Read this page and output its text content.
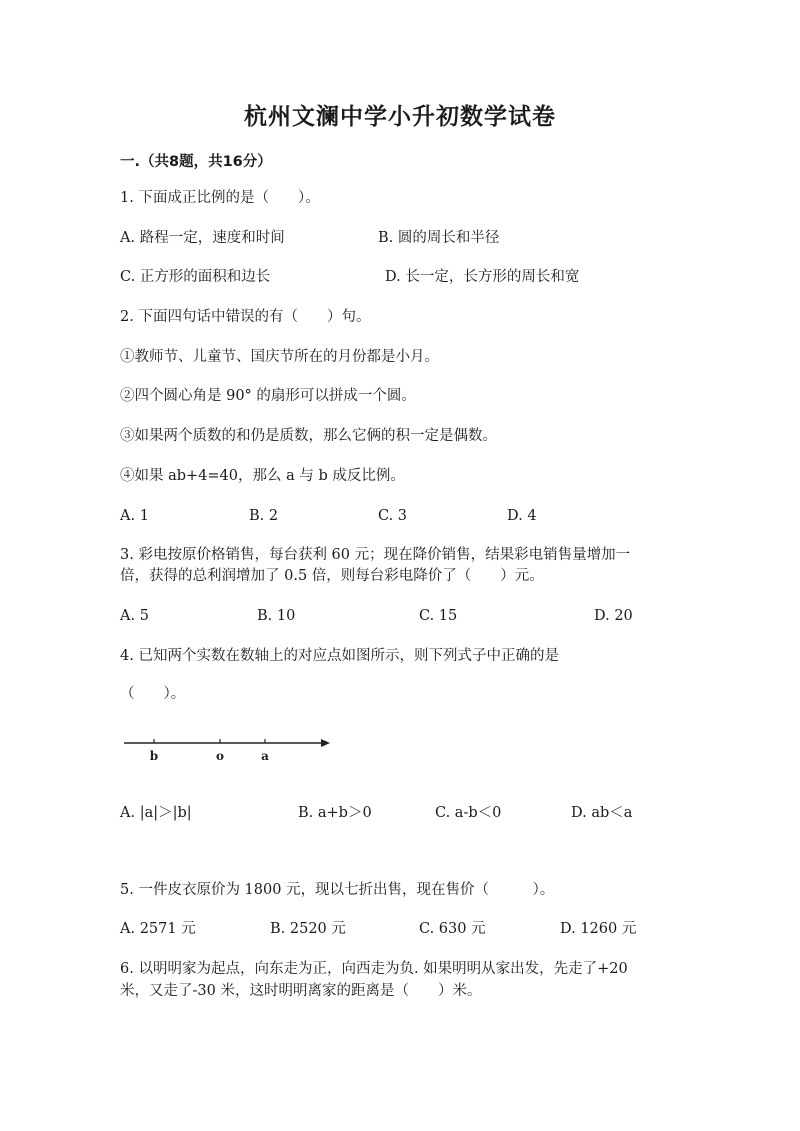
杭州文澜中学小升初数学试卷
一.（共8题，共16分）
1. 下面成正比例的是（　　）。
A. 路程一定，速度和时间	B. 圆的周长和半径
C. 正方形的面积和边长	D. 长一定，长方形的周长和宽
2. 下面四句话中错误的有（　　）句。
①教师节、儿童节、国庆节所在的月份都是小月。
②四个圆心角是 90° 的扇形可以拼成一个圆。
③如果两个质数的和仍是质数，那么它俩的积一定是偶数。
④如果 ab+4=40，那么 a 与 b 成反比例。
A. 1	B. 2	C. 3	D. 4
3. 彩电按原价格销售，每台获利 60 元；现在降价销售，结果彩电销售量增加一
倍，获得的总利润增加了 0.5 倍，则每台彩电降价了（　　）元。
A. 5	B. 10	C. 15	D. 20
4. 已知两个实数在数轴上的对应点如图所示，则下列式子中正确的是
（　　）。
b	o	a
A. |a|＞|b|	B. a+b＞0	C. a-b＜0	D. ab＜a
5. 一件皮衣原价为 1800 元，现以七折出售，现在售价（　　　）。
A. 2571 元	B. 2520 元	C. 630 元	D. 1260 元
6. 以明明家为起点，向东走为正，向西走为负. 如果明明从家出发，先走了+20
米，又走了-30 米，这时明明离家的距离是（　　）米。
